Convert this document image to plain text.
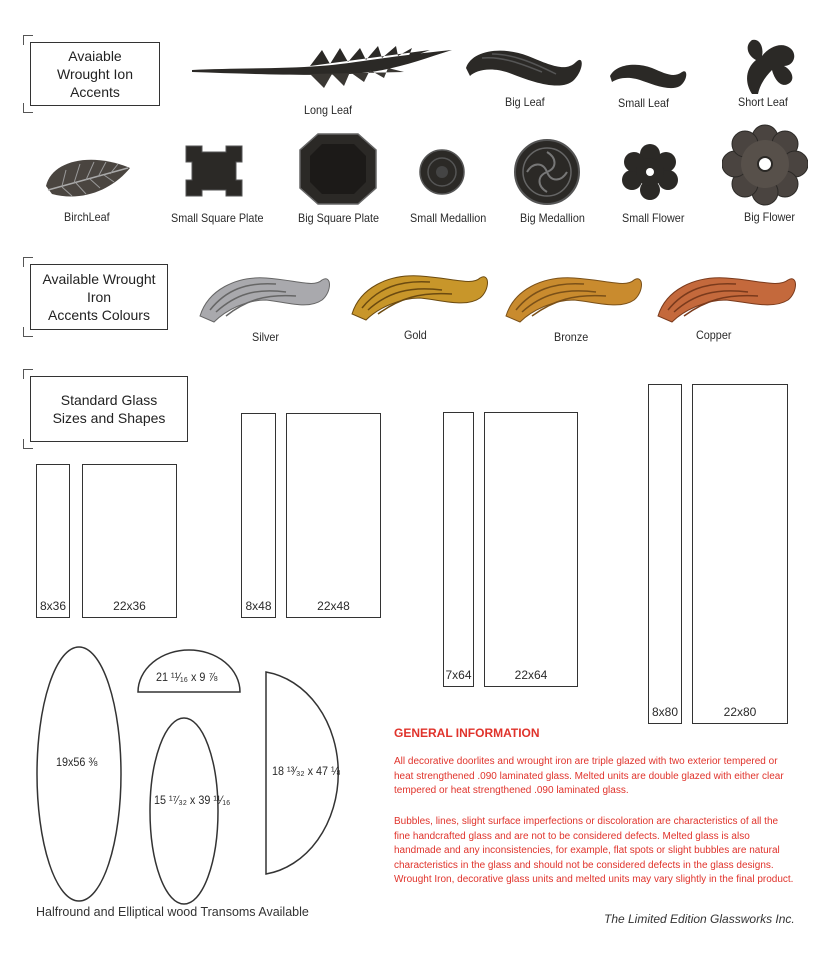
Avaiable
Wrought Ion Accents
Available Wrought Iron
Accents Colours
Standard Glass
Sizes and Shapes
Long Leaf
Big Leaf	Small Leaf	Short Leaf
BirchLeaf	Small Square Plate	Big Square Plate	Small Medallion	Big Medallion	Small Flower	Big Flower
Silver	Gold	Bronze	Copper
8x36	22x36	8x48	22x48
7x64	22x64
8x80	22x80
19x56 ⅜
21 ¹¹⁄₁₆ x 9 ⅞
15 ¹⁷⁄₃₂ x 39 ¹¹⁄₁₆
18 ¹³⁄₃₂ x 47 ⅛
GENERAL INFORMATION
All decorative doorlites and wrought iron are triple glazed with two exterior tempered or heat strengthened .090 laminated glass. Melted units are double glazed with either clear tempered or heat strengthened .090 laminated glass.
Bubbles, lines, slight surface imperfections or discoloration are characteristics of all the fine handcrafted glass and are not to be considered defects. Melted glass is also handmade and any inconsistencies, for example, flat spots or slight bubbles are natural characteristics in the glass and should not be considered defects in the glass designs. Wrought Iron, decorative glass units and melted units may vary slightly in the final product.
Halfround and Elliptical wood Transoms Available	The Limited Edition Glassworks Inc.
